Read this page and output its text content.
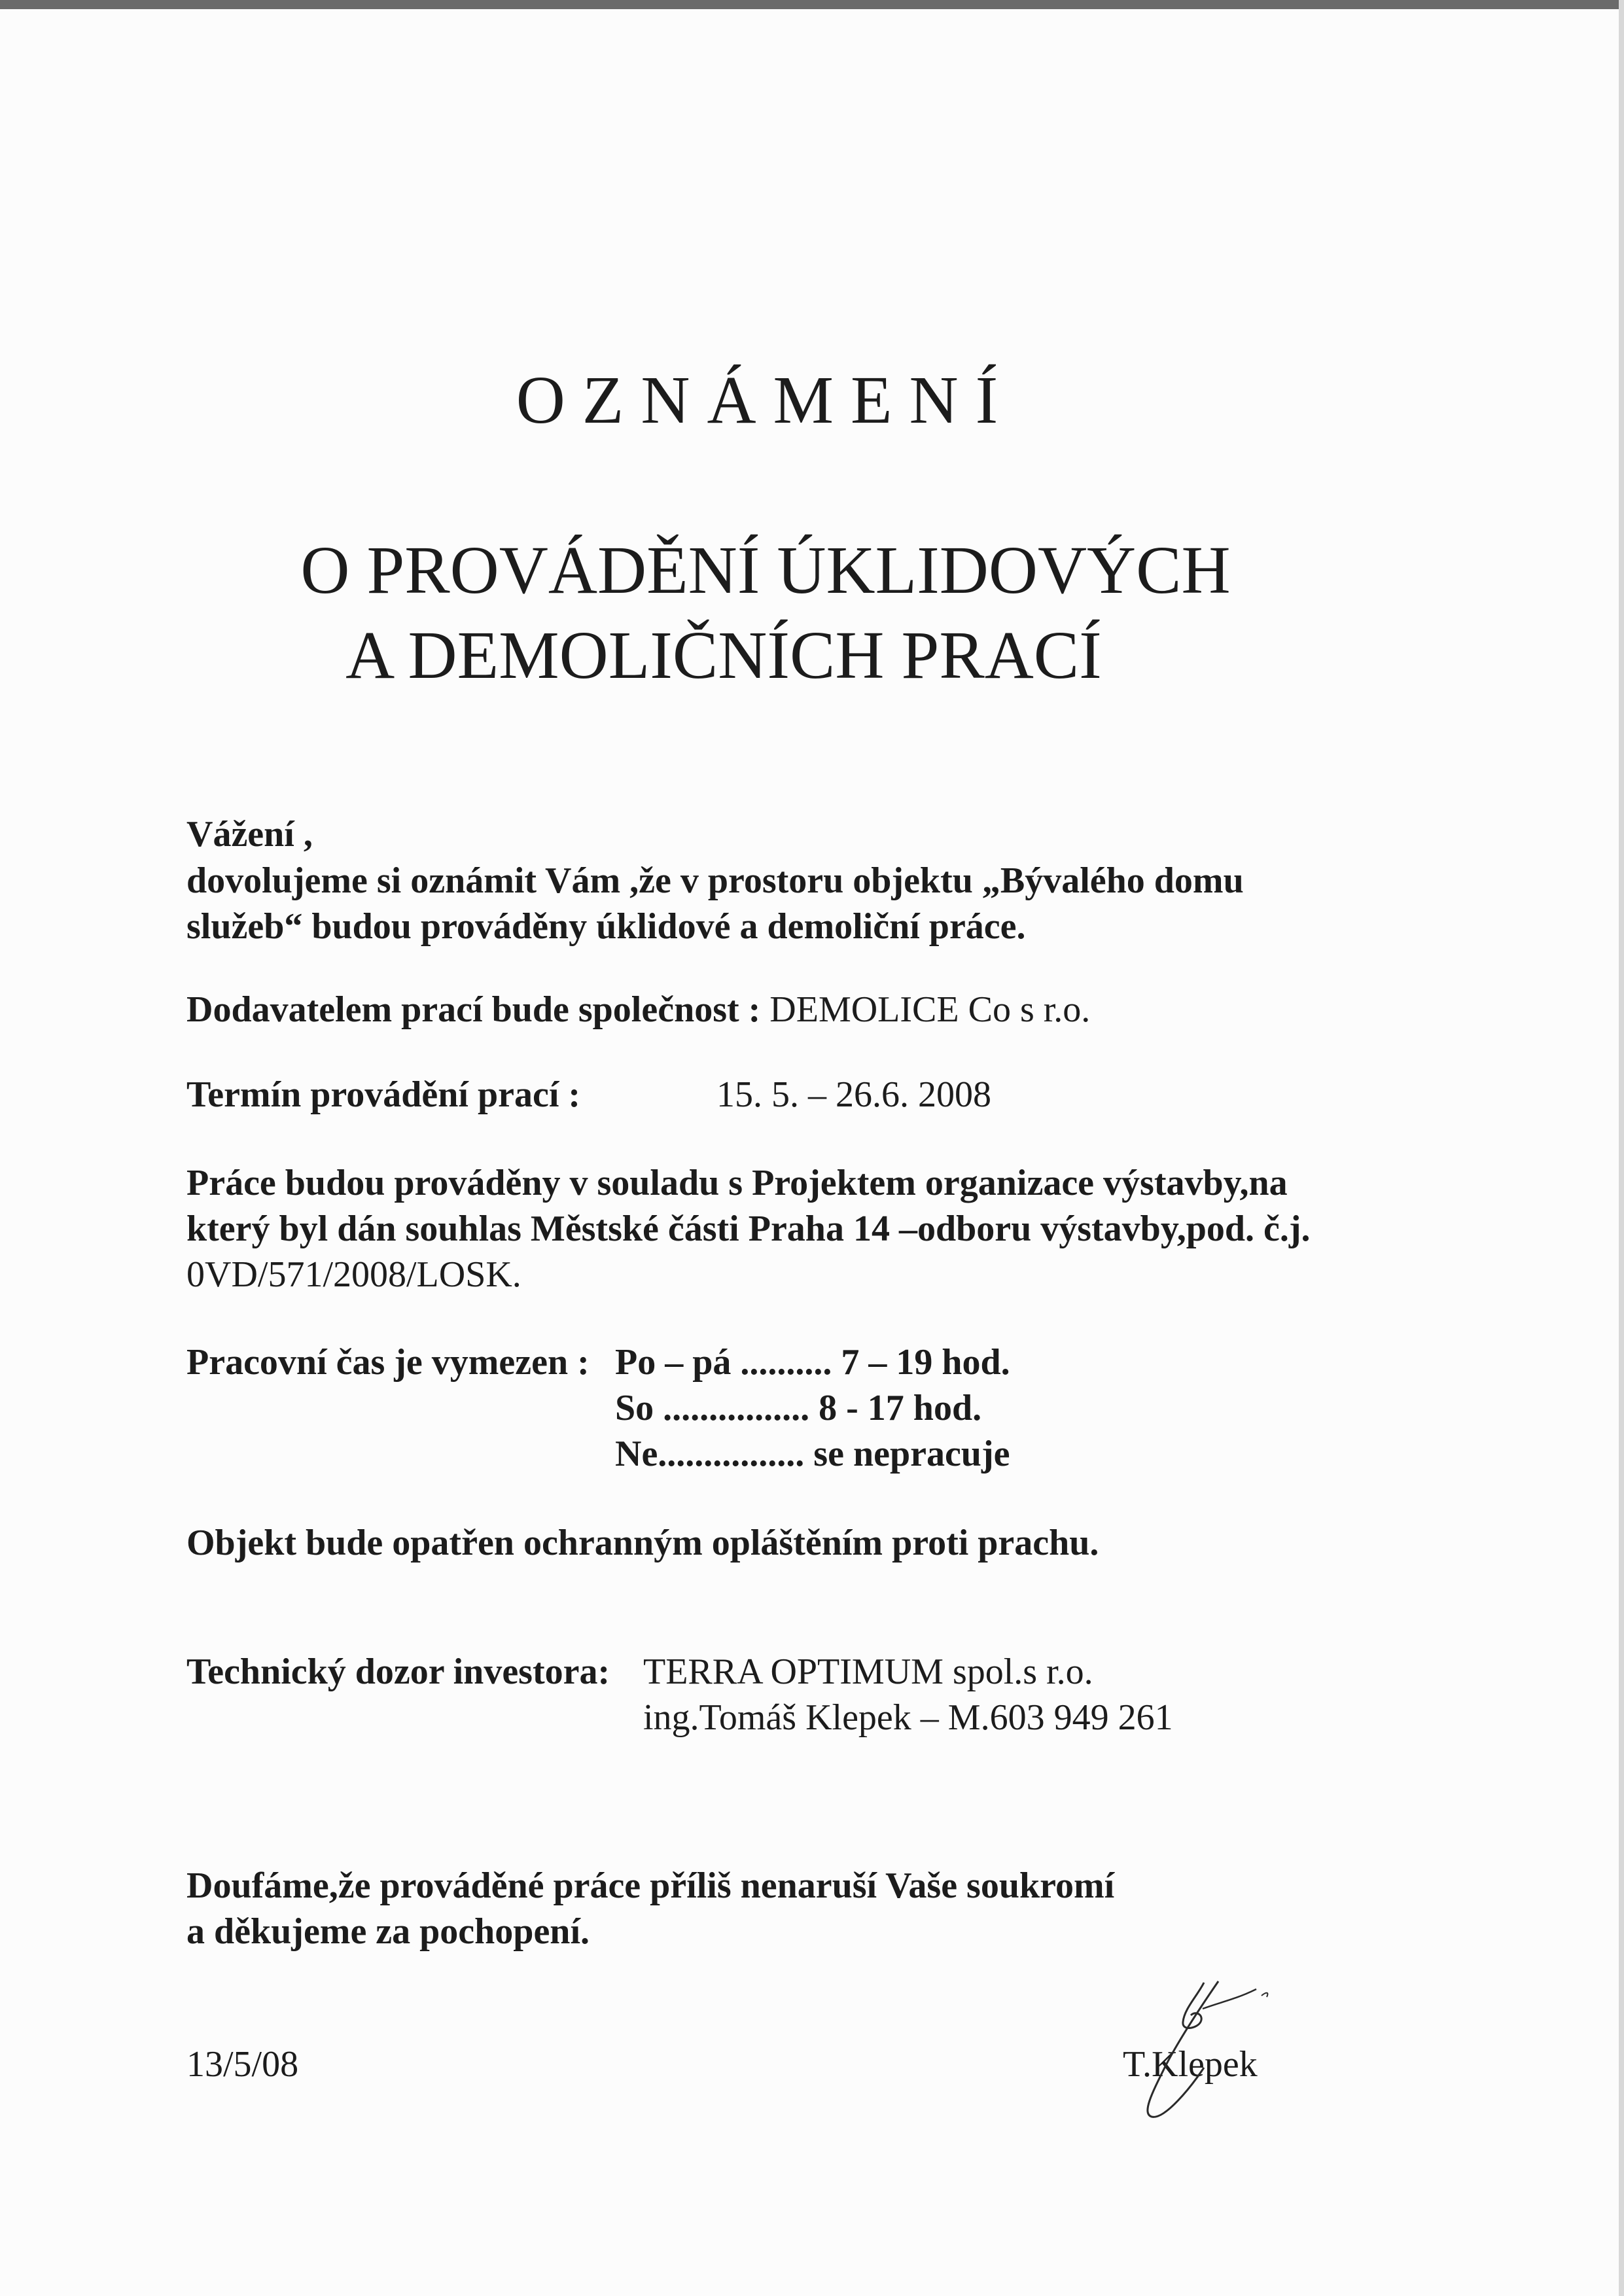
OZNÁMENÍ
O PROVÁDĚNÍ ÚKLIDOVÝCH
A DEMOLIČNÍCH PRACÍ
Vážení ,
dovolujeme si oznámit Vám ,že v prostoru objektu „Bývalého domu
služeb“ budou prováděny úklidové a demoliční práce.
Dodavatelem prací bude společnost : DEMOLICE Co s r.o.
Termín provádění prací :	15. 5. – 26.6. 2008
Práce budou prováděny v souladu s Projektem organizace výstavby,na
který byl dán souhlas Městské části Praha 14 –odboru výstavby,pod. č.j.
0VD/571/2008/LOSK.
Pracovní čas je vymezen : Po – pá .......... 7 – 19 hod.
So ................ 8 - 17 hod.
Ne................ se nepracuje
Objekt bude opatřen ochranným opláštěním proti prachu.
Technický dozor investora: TERRA OPTIMUM spol.s r.o.
ing.Tomáš Klepek – M.603 949 261
Doufáme,že prováděné práce příliš nenaruší Vaše soukromí
a děkujeme za pochopení.
13/5/08	T.Klepek
